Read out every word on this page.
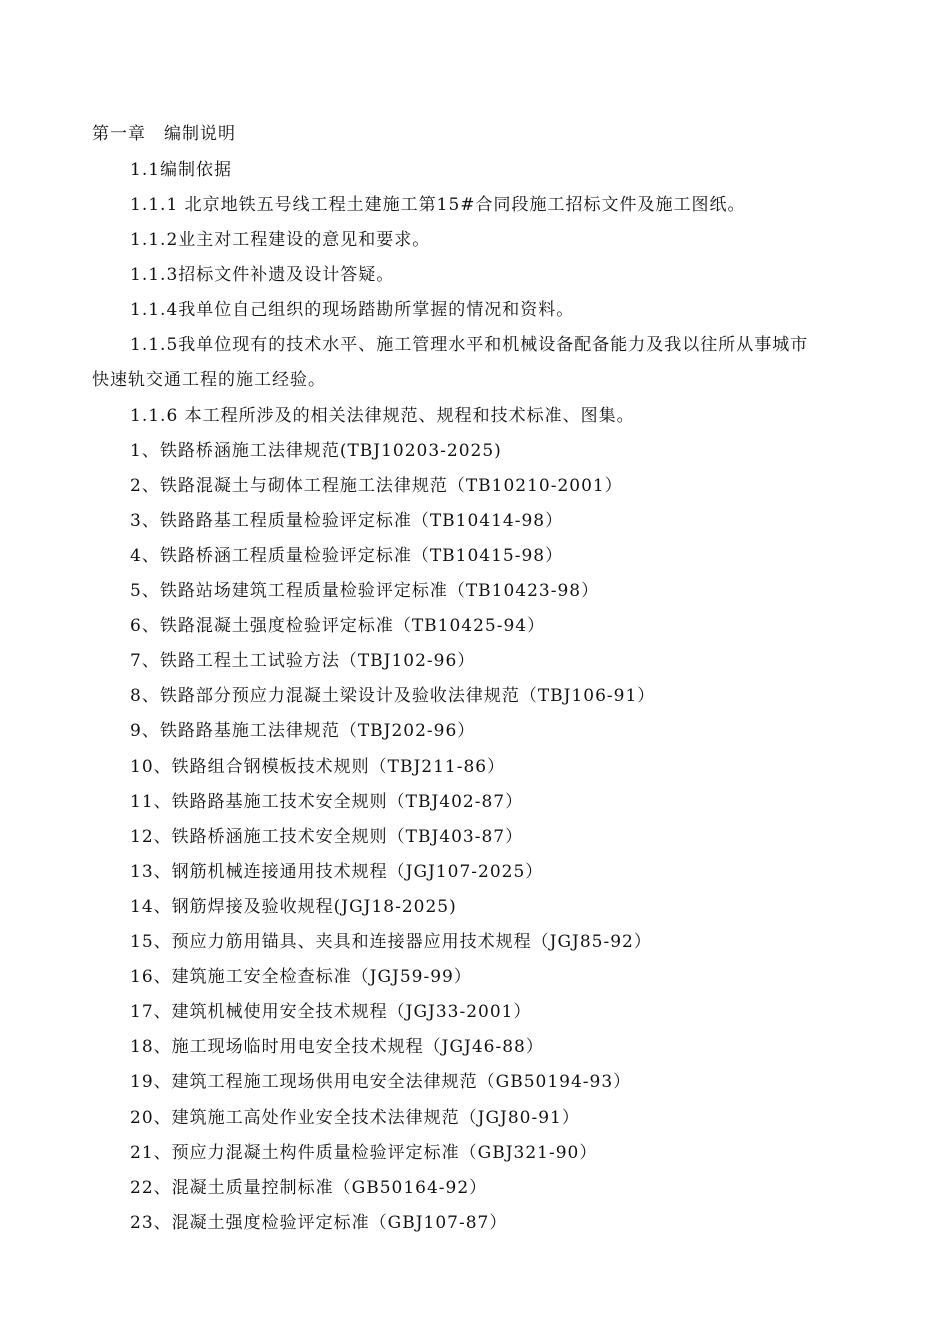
第一章　编制说明
1.1编制依据
1.1.1 北京地铁五号线工程土建施工第15#合同段施工招标文件及施工图纸。
1.1.2业主对工程建设的意见和要求。
1.1.3招标文件补遗及设计答疑。
1.1.4我单位自己组织的现场踏勘所掌握的情况和资料。
1.1.5我单位现有的技术水平、施工管理水平和机械设备配备能力及我以往所从事城市
快速轨交通工程的施工经验。
1.1.6 本工程所涉及的相关法律规范、规程和技术标准、图集。
1、铁路桥涵施工法律规范(TBJ10203-2025)
2、铁路混凝土与砌体工程施工法律规范（TB10210-2001）
3、铁路路基工程质量检验评定标准（TB10414-98）
4、铁路桥涵工程质量检验评定标准（TB10415-98）
5、铁路站场建筑工程质量检验评定标准（TB10423-98）
6、铁路混凝土强度检验评定标准（TB10425-94）
7、铁路工程土工试验方法（TBJ102-96）
8、铁路部分预应力混凝土梁设计及验收法律规范（TBJ106-91）
9、铁路路基施工法律规范（TBJ202-96）
10、铁路组合钢模板技术规则（TBJ211-86）
11、铁路路基施工技术安全规则（TBJ402-87）
12、铁路桥涵施工技术安全规则（TBJ403-87）
13、钢筋机械连接通用技术规程（JGJ107-2025）
14、钢筋焊接及验收规程(JGJ18-2025)
15、预应力筋用锚具、夹具和连接器应用技术规程（JGJ85-92）
16、建筑施工安全检查标准（JGJ59-99）
17、建筑机械使用安全技术规程（JGJ33-2001）
18、施工现场临时用电安全技术规程（JGJ46-88）
19、建筑工程施工现场供用电安全法律规范（GB50194-93）
20、建筑施工高处作业安全技术法律规范（JGJ80-91）
21、预应力混凝土构件质量检验评定标准（GBJ321-90）
22、混凝土质量控制标准（GB50164-92）
23、混凝土强度检验评定标准（GBJ107-87）
